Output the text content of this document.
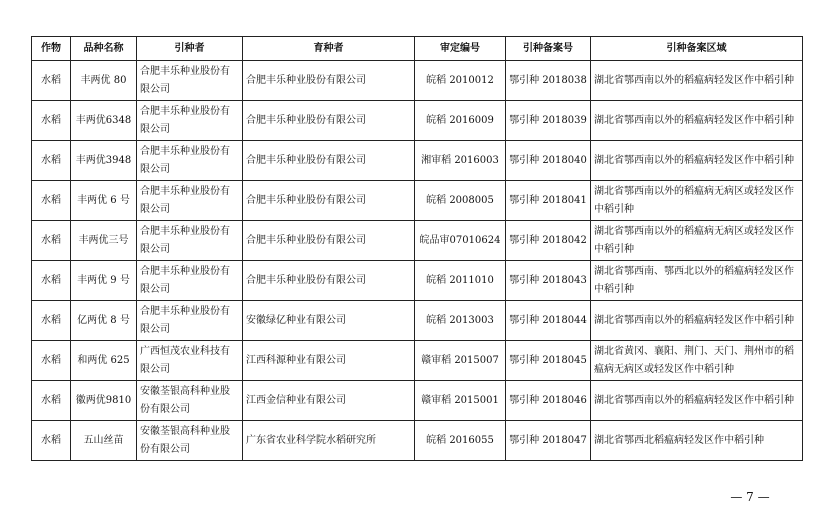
作物	品种名称	引种者	育种者	审定编号	引种备案号	引种备案区域
水稻	丰两优 80	合肥丰乐种业股份有限公司	合肥丰乐种业股份有限公司	皖稻 2010012	鄂引种 2018038	湖北省鄂西南以外的稻瘟病轻发区作中稻引种
水稻	丰两优6348	合肥丰乐种业股份有限公司	合肥丰乐种业股份有限公司	皖稻 2016009	鄂引种 2018039	湖北省鄂西南以外的稻瘟病轻发区作中稻引种
水稻	丰两优3948	合肥丰乐种业股份有限公司	合肥丰乐种业股份有限公司	湘审稻 2016003	鄂引种 2018040	湖北省鄂西南以外的稻瘟病轻发区作中稻引种
水稻	丰两优 6 号	合肥丰乐种业股份有限公司	合肥丰乐种业股份有限公司	皖稻 2008005	鄂引种 2018041	湖北省鄂西南以外的稻瘟病无病区或轻发区作中稻引种
水稻	丰两优三号	合肥丰乐种业股份有限公司	合肥丰乐种业股份有限公司	皖品审07010624	鄂引种 2018042	湖北省鄂西南以外的稻瘟病无病区或轻发区作中稻引种
水稻	丰两优 9 号	合肥丰乐种业股份有限公司	合肥丰乐种业股份有限公司	皖稻 2011010	鄂引种 2018043	湖北省鄂西南、鄂西北以外的稻瘟病轻发区作中稻引种
水稻	亿两优 8 号	合肥丰乐种业股份有限公司	安徽绿亿种业有限公司	皖稻 2013003	鄂引种 2018044	湖北省鄂西南以外的稻瘟病轻发区作中稻引种
水稻	和两优 625	广西恒茂农业科技有限公司	江西科源种业有限公司	赣审稻 2015007	鄂引种 2018045	湖北省黄冈、襄阳、荆门、天门、荆州市的稻瘟病无病区或轻发区作中稻引种
水稻	徽两优9810	安徽荃银高科种业股份有限公司	江西金信种业有限公司	赣审稻 2015001	鄂引种 2018046	湖北省鄂西南以外的稻瘟病轻发区作中稻引种
水稻	五山丝苗	安徽荃银高科种业股份有限公司	广东省农业科学院水稻研究所	皖稻 2016055	鄂引种 2018047	湖北省鄂西北稻瘟病轻发区作中稻引种
— 7 —
